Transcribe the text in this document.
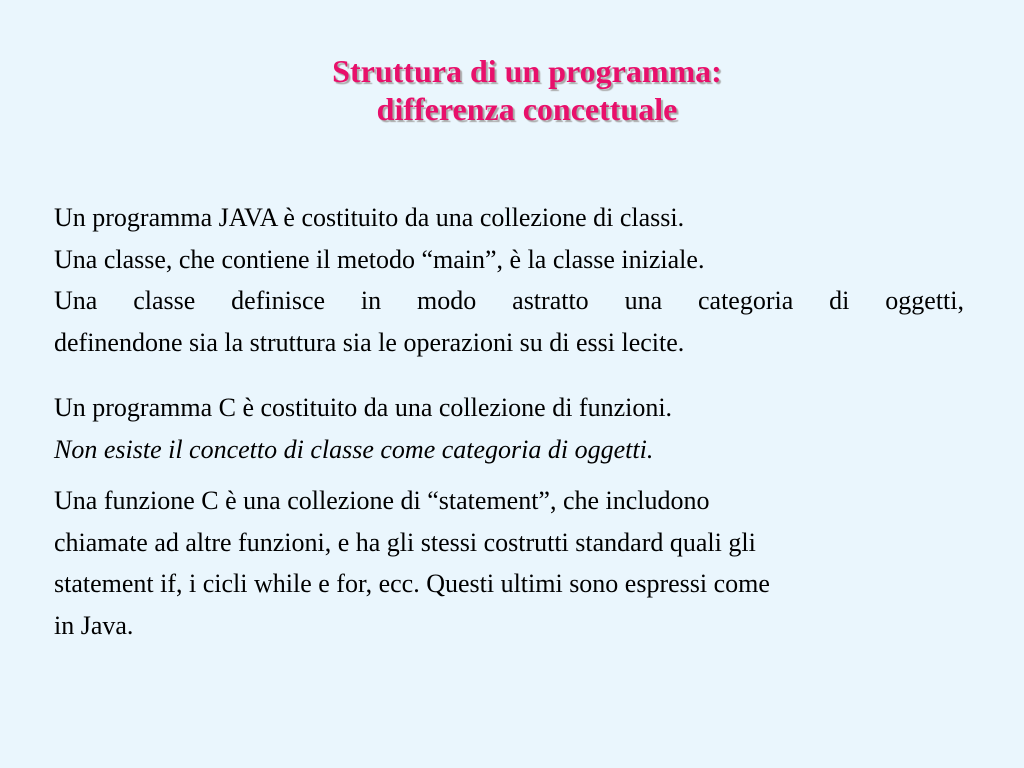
Struttura di un programma:
differenza concettuale
Un programma JAVA è costituito da una collezione di classi.
Una classe, che contiene il metodo “main”, è la classe iniziale.
Una classe definisce in modo astratto una categoria di oggetti,
definendone sia la struttura sia le operazioni su di essi lecite.
Un programma C è costituito da una collezione di funzioni.
Non esiste il concetto di classe come categoria di oggetti.
Una funzione C è una collezione di “statement”, che includono
chiamate ad altre funzioni, e ha gli stessi costrutti standard quali gli
statement if, i cicli while e for, ecc. Questi ultimi sono espressi come
in Java.
